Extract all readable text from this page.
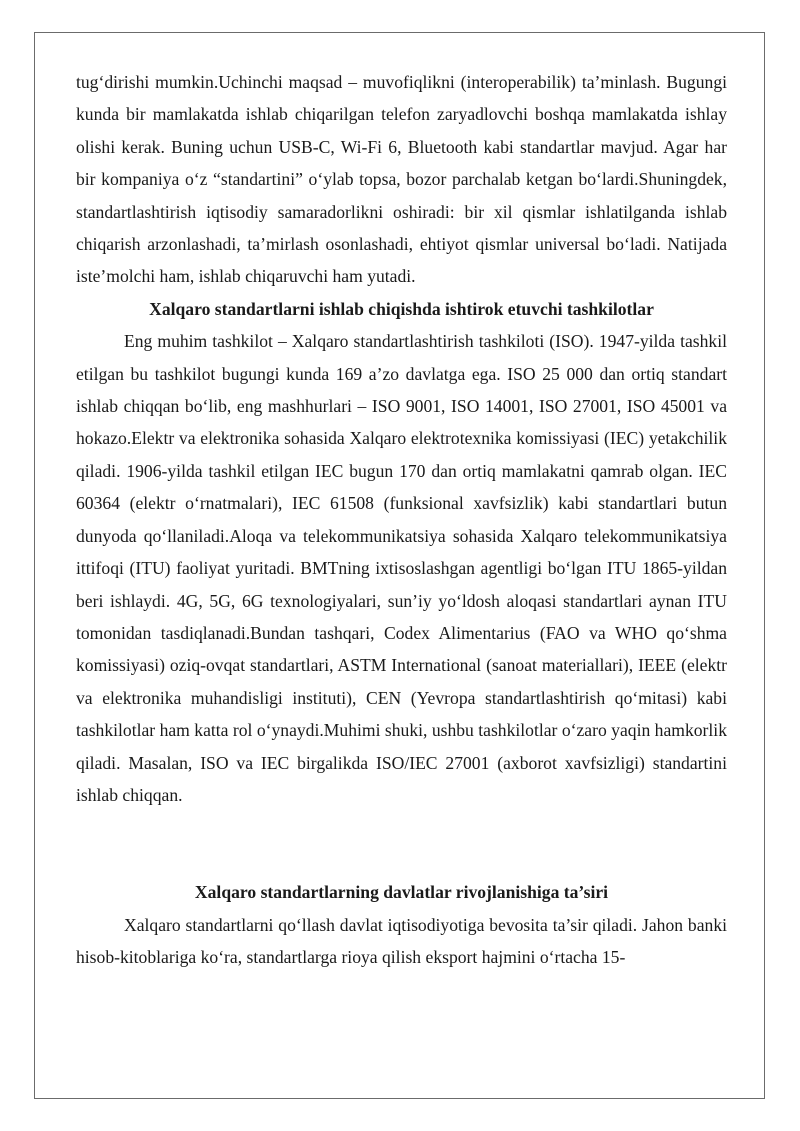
tug‘dirishi mumkin.Uchinchi maqsad – muvofiqlikni (interoperabilik) ta’minlash. Bugungi kunda bir mamlakatda ishlab chiqarilgan telefon zaryadlovchi boshqa mamlakatda ishlay olishi kerak. Buning uchun USB-C, Wi-Fi 6, Bluetooth kabi standartlar mavjud. Agar har bir kompaniya o‘z “standartini” o‘ylab topsa, bozor parchalab ketgan bo‘lardi.Shuningdek, standartlashtirish iqtisodiy samaradorlikni oshiradi: bir xil qismlar ishlatilganda ishlab chiqarish arzonlashadi, ta’mirlash osonlashadi, ehtiyot qismlar universal bo‘ladi. Natijada iste’molchi ham, ishlab chiqaruvchi ham yutadi.

Xalqaro standartlarni ishlab chiqishda ishtirok etuvchi tashkilotlar

Eng muhim tashkilot – Xalqaro standartlashtirish tashkiloti (ISO). 1947-yilda tashkil etilgan bu tashkilot bugungi kunda 169 a’zo davlatga ega. ISO 25 000 dan ortiq standart ishlab chiqqan bo‘lib, eng mashhurlari – ISO 9001, ISO 14001, ISO 27001, ISO 45001 va hokazo.Elektr va elektronika sohasida Xalqaro elektrotexnika komissiyasi (IEC) yetakchilik qiladi. 1906-yilda tashkil etilgan IEC bugun 170 dan ortiq mamlakatni qamrab olgan. IEC 60364 (elektr o‘rnatmalari), IEC 61508 (funksional xavfsizlik) kabi standartlari butun dunyoda qo‘llaniladi.Aloqa va telekommunikatsiya sohasida Xalqaro telekommunikatsiya ittifoqi (ITU) faoliyat yuritadi. BMTning ixtisoslashgan agentligi bo‘lgan ITU 1865-yildan beri ishlaydi. 4G, 5G, 6G texnologiyalari, sun’iy yo‘ldosh aloqasi standartlari aynan ITU tomonidan tasdiqlanadi.Bundan tashqari, Codex Alimentarius (FAO va WHO qo‘shma komissiyasi) oziq-ovqat standartlari, ASTM International (sanoat materiallari), IEEE (elektr va elektronika muhandisligi instituti), CEN (Yevropa standartlashtirish qo‘mitasi) kabi tashkilotlar ham katta rol o‘ynaydi.Muhimi shuki, ushbu tashkilotlar o‘zaro yaqin hamkorlik qiladi. Masalan, ISO va IEC birgalikda ISO/IEC 27001 (axborot xavfsizligi) standartini ishlab chiqqan.

Xalqaro standartlarning davlatlar rivojlanishiga ta’siri

Xalqaro standartlarni qo‘llash davlat iqtisodiyotiga bevosita ta’sir qiladi. Jahon banki hisob-kitoblariga ko‘ra, standartlarga rioya qilish eksport hajmini o‘rtacha 15-
